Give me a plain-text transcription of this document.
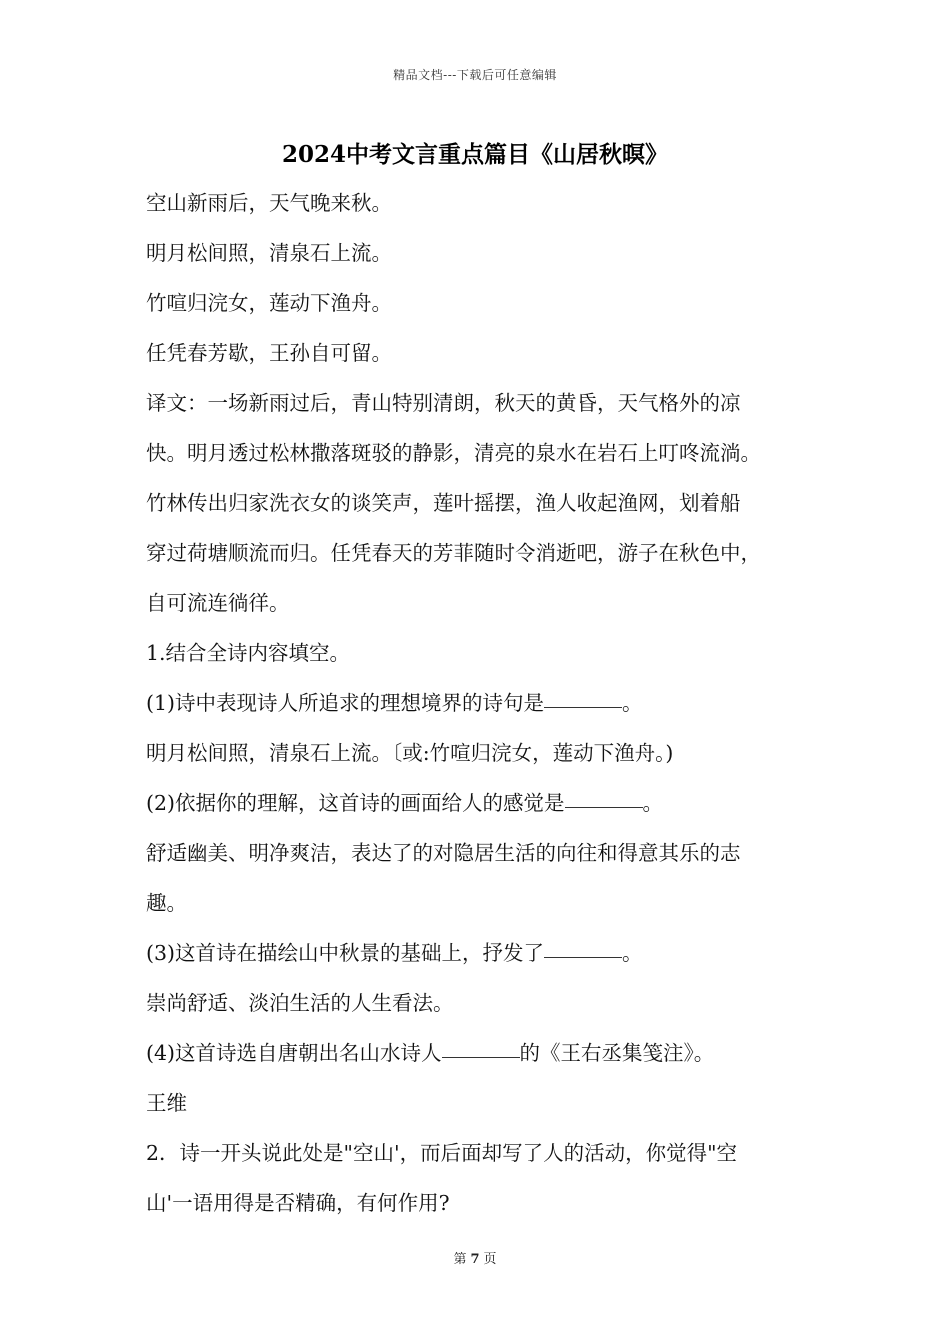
精品文档---下载后可任意编辑
2024中考文言重点篇目《山居秋暝》
空山新雨后，天气晚来秋。
明月松间照，清泉石上流。
竹喧归浣女，莲动下渔舟。
任凭春芳歇，王孙自可留。
译文：一场新雨过后，青山特别清朗，秋天的黄昏，天气格外的凉
快。明月透过松林撒落斑驳的静影，清亮的泉水在岩石上叮咚流淌。
竹林传出归家洗衣女的谈笑声，莲叶摇摆，渔人收起渔网，划着船
穿过荷塘顺流而归。任凭春天的芳菲随时令消逝吧，游子在秋色中，
自可流连徜徉。
1.结合全诗内容填空。
(1)诗中表现诗人所追求的理想境界的诗句是	。
明月松间照，清泉石上流。〔或:竹喧归浣女，莲动下渔舟。)
(2)依据你的理解，这首诗的画面给人的感觉是	。
舒适幽美、明净爽洁，表达了的对隐居生活的向往和得意其乐的志
趣。
(3)这首诗在描绘山中秋景的基础上，抒发了	。
崇尚舒适、淡泊生活的人生看法。
(4)这首诗选自唐朝出名山水诗人	的《王右丞集笺注》。
王维
2．诗一开头说此处是"空山'，而后面却写了人的活动，你觉得"空
山'一语用得是否精确，有何作用?
第 7 页
